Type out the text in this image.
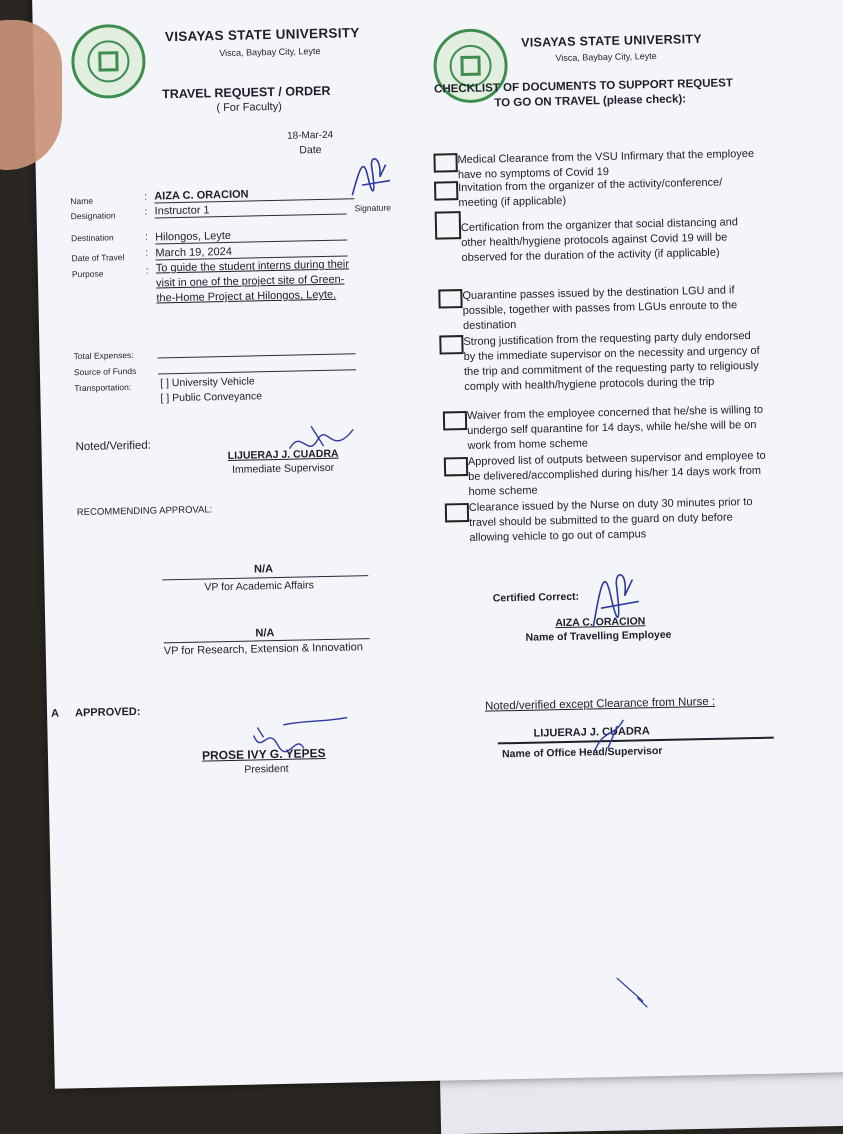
VISAYAS STATE UNIVERSITY
Visca, Baybay City, Leyte
VISAYAS STATE UNIVERSITY
Visca, Baybay City, Leyte
TRAVEL REQUEST / ORDER
( For Faculty)
18-Mar-24
Date
CHECKLIST OF DOCUMENTS TO SUPPORT REQUEST
TO GO ON TRAVEL (please check):
Name	: AIZA C. ORACION
Designation	: Instructor 1	Signature
Destination	: Hilongos, Leyte
Date of Travel : March 19, 2024
Purpose	: To guide the student interns during their visit in one of the project site of Green-the-Home Project at Hilongos, Leyte.
Total Expenses:
Source of Funds
Transportation:	[ ] University Vehicle
[ ] Public Conveyance
Noted/Verified:
LIJUERAJ J. CUADRA
Immediate Supervisor
RECOMMENDING APPROVAL:
N/A
VP for Academic Affairs
N/A
VP for Research, Extension & Innovation
A APPROVED:
PROSE IVY G. YEPES
President
Medical Clearance from the VSU Infirmary that the employee have no symptoms of Covid 19
Invitation from the organizer of the activity/conference/ meeting (if applicable)
Certification from the organizer that social distancing and other health/hygiene protocols against Covid 19 will be observed for the duration of the activity (if applicable)
Quarantine passes issued by the destination LGU and if possible, together with passes from LGUs enroute to the destination
Strong justification from the requesting party duly endorsed by the immediate supervisor on the necessity and urgency of the trip and commitment of the requesting party to religiously comply with health/hygiene protocols during the trip
Waiver from the employee concerned that he/she is willing to undergo self quarantine for 14 days, while he/she will be on work from home scheme
Approved list of outputs between supervisor and employee to be delivered/accomplished during his/her 14 days work from home scheme
Clearance issued by the Nurse on duty 30 minutes prior to travel should be submitted to the guard on duty before allowing vehicle to go out of campus
Certified Correct:
AIZA C. ORACION
Name of Travelling Employee
Noted/verified except Clearance from Nurse :
LIJUERAJ J. CUADRA
Name of Office Head/Supervisor
